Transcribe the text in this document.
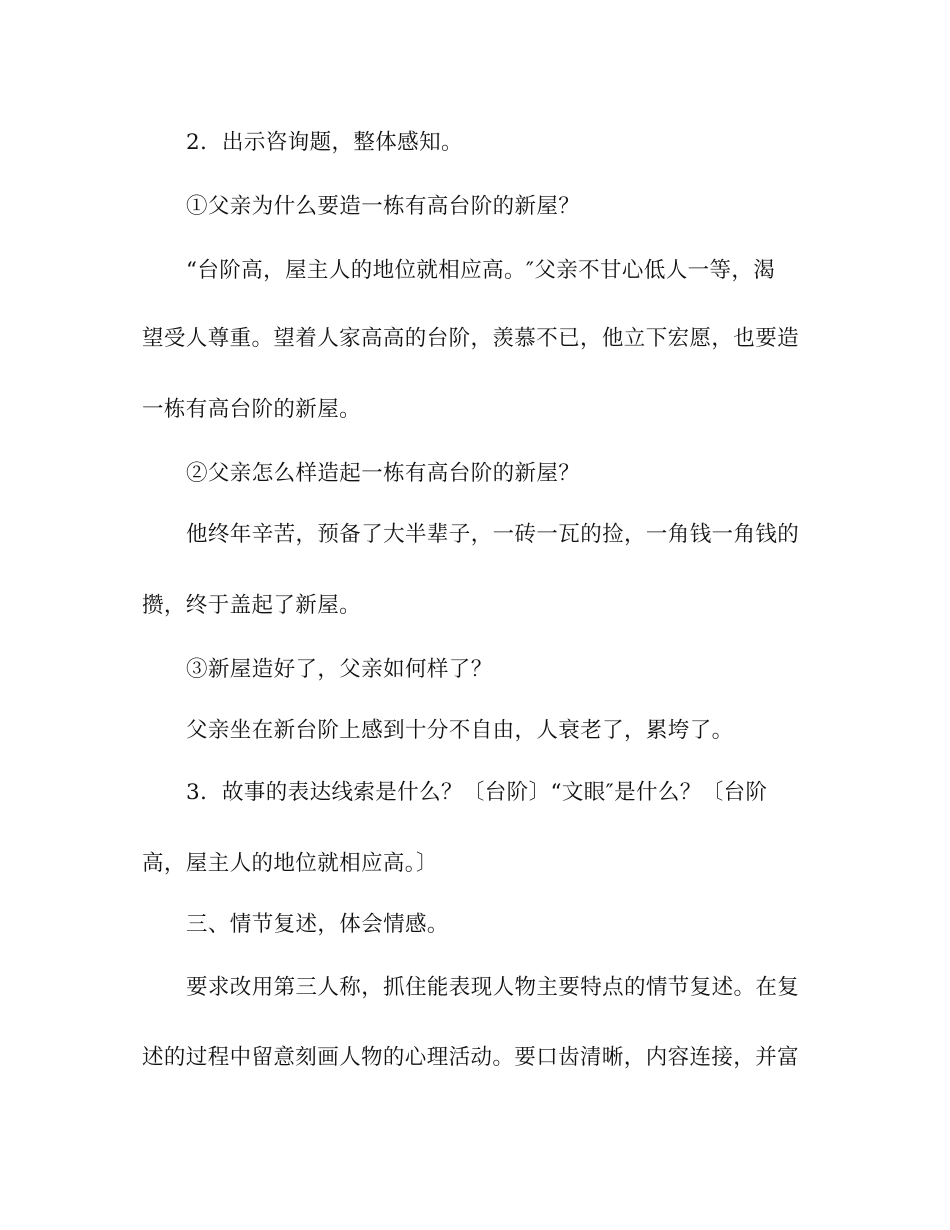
2．出示咨询题，整体感知。
①父亲为什么要造一栋有高台阶的新屋？
“台阶高，屋主人的地位就相应高。″父亲不甘心低人一等，渴
望受人尊重。望着人家高高的台阶，羡慕不已，他立下宏愿，也要造
一栋有高台阶的新屋。
②父亲怎么样造起一栋有高台阶的新屋？
他终年辛苦，预备了大半辈子，一砖一瓦的捡，一角钱一角钱的
攒，终于盖起了新屋。
③新屋造好了，父亲如何样了？
父亲坐在新台阶上感到十分不自由，人衰老了，累垮了。
3．故事的表达线索是什么？〔台阶〕“文眼″是什么？〔台阶
高，屋主人的地位就相应高。〕
三、情节复述，体会情感。
要求改用第三人称，抓住能表现人物主要特点的情节复述。在复
述的过程中留意刻画人物的心理活动。要口齿清晰，内容连接，并富
